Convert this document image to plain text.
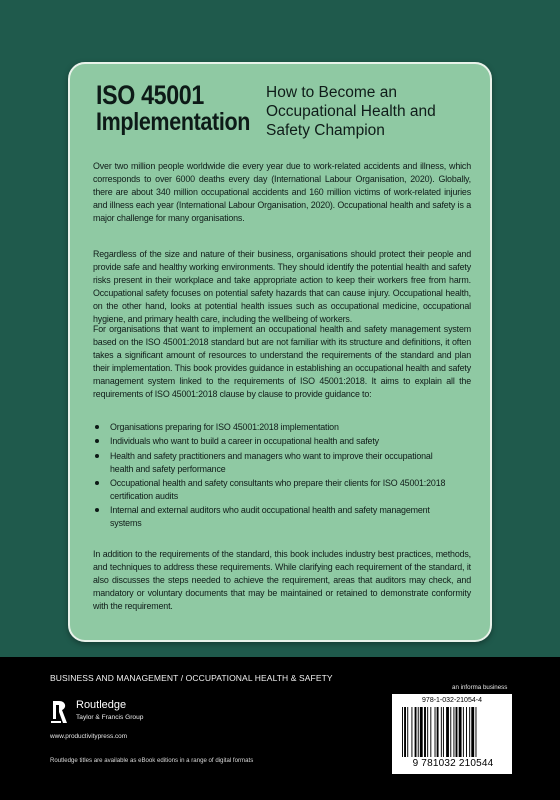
ISO 45001
Implementation
How to Become an Occupational Health and Safety Champion

Over two million people worldwide die every year due to work-related accidents and illness, which corresponds to over 6000 deaths every day (International Labour Organisation, 2020). Globally, there are about 340 million occupational accidents and 160 million victims of work-related injuries and illness each year (International Labour Organisation, 2020). Occupational health and safety is a major challenge for many organisations.

Regardless of the size and nature of their business, organisations should protect their people and provide safe and healthy working environments. They should identify the potential health and safety risks present in their workplace and take appropriate action to keep their workers free from harm. Occupational safety focuses on potential safety hazards that can cause injury. Occupational health, on the other hand, looks at potential health issues such as occupational medicine, occupational hygiene, and primary health care, including the wellbeing of workers.

For organisations that want to implement an occupational health and safety management system based on the ISO 45001:2018 standard but are not familiar with its structure and definitions, it often takes a significant amount of resources to understand the requirements of the standard and plan their implementation. This book provides guidance in establishing an occupational health and safety management system linked to the requirements of ISO 45001:2018. It aims to explain all the requirements of ISO 45001:2018 clause by clause to provide guidance to:

Organisations preparing for ISO 45001:2018 implementation
Individuals who want to build a career in occupational health and safety
Health and safety practitioners and managers who want to improve their occupational health and safety performance
Occupational health and safety consultants who prepare their clients for ISO 45001:2018 certification audits
Internal and external auditors who audit occupational health and safety management systems

In addition to the requirements of the standard, this book includes industry best practices, methods, and techniques to address these requirements. While clarifying each requirement of the standard, it also discusses the steps needed to achieve the requirement, areas that auditors may check, and mandatory or voluntary documents that may be maintained or retained to demonstrate conformity with the requirement.

BUSINESS AND MANAGEMENT / OCCUPATIONAL HEALTH & SAFETY
Routledge
Taylor & Francis Group
www.productivitypress.com
Routledge titles are available as eBook editions in a range of digital formats
an informa business
978-1-032-21054-4
9 781032 210544
